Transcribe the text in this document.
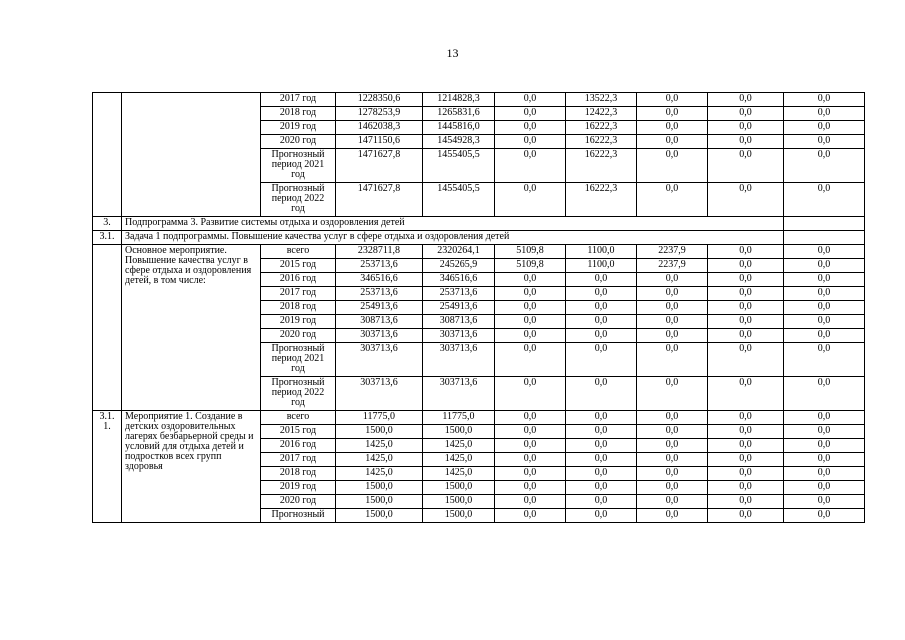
13
		2017 год	1228350,6	1214828,3	0,0	13522,3	0,0	0,0	0,0
		2018 год	1278253,9	1265831,6	0,0	12422,3	0,0	0,0	0,0
		2019 год	1462038,3	1445816,0	0,0	16222,3	0,0	0,0	0,0
		2020 год	1471150,6	1454928,3	0,0	16222,3	0,0	0,0	0,0
		Прогнозный период 2021 год	1471627,8	1455405,5	0,0	16222,3	0,0	0,0	0,0
		Прогнозный период 2022 год	1471627,8	1455405,5	0,0	16222,3	0,0	0,0	0,0
3.	Подпрограмма 3. Развитие системы отдыха и оздоровления детей								
3.1.	Задача 1 подпрограммы. Повышение качества услуг в сфере отдыха и оздоровления детей								
	Основное мероприятие. Повышение качества услуг в сфере отдыха и оздоровления детей, в том числе:	всего	2328711,8	2320264,1	5109,8	1100,0	2237,9	0,0	0,0
		2015 год	253713,6	245265,9	5109,8	1100,0	2237,9	0,0	0,0
		2016 год	346516,6	346516,6	0,0	0,0	0,0	0,0	0,0
		2017 год	253713,6	253713,6	0,0	0,0	0,0	0,0	0,0
		2018 год	254913,6	254913,6	0,0	0,0	0,0	0,0	0,0
		2019 год	308713,6	308713,6	0,0	0,0	0,0	0,0	0,0
		2020 год	303713,6	303713,6	0,0	0,0	0,0	0,0	0,0
		Прогнозный период 2021 год	303713,6	303713,6	0,0	0,0	0,0	0,0	0,0
		Прогнозный период 2022 год	303713,6	303713,6	0,0	0,0	0,0	0,0	0,0
3.1. 1.	Мероприятие 1. Создание в детских оздоровительных лагерях безбарьерной среды и условий для отдыха детей и подростков всех групп здоровья	всего	11775,0	11775,0	0,0	0,0	0,0	0,0	0,0
		2015 год	1500,0	1500,0	0,0	0,0	0,0	0,0	0,0
		2016 год	1425,0	1425,0	0,0	0,0	0,0	0,0	0,0
		2017 год	1425,0	1425,0	0,0	0,0	0,0	0,0	0,0
		2018 год	1425,0	1425,0	0,0	0,0	0,0	0,0	0,0
		2019 год	1500,0	1500,0	0,0	0,0	0,0	0,0	0,0
		2020 год	1500,0	1500,0	0,0	0,0	0,0	0,0	0,0
		Прогнозный	1500,0	1500,0	0,0	0,0	0,0	0,0	0,0
